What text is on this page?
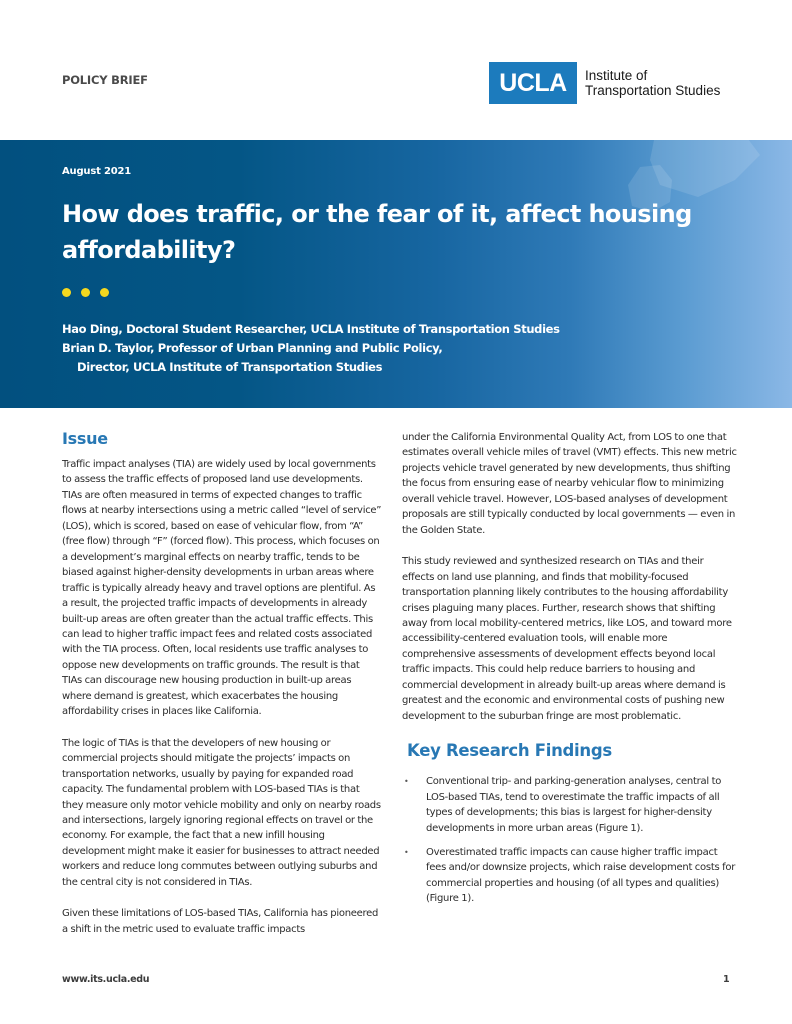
POLICY BRIEF	UCLA	Institute of
Transportation Studies
August 2021
How does traffic, or the fear of it, affect housing affordability?
Hao Ding, Doctoral Student Researcher, UCLA Institute of Transportation Studies
Brian D. Taylor, Professor of Urban Planning and Public Policy,
Director, UCLA Institute of Transportation Studies
Issue

Traffic impact analyses (TIA) are widely used by local governments to assess the traffic effects of proposed land use developments. TIAs are often measured in terms of expected changes to traffic flows at nearby intersections using a metric called “level of service” (LOS), which is scored, based on ease of vehicular flow, from “A” (free flow) through “F” (forced flow). This process, which focuses on a development’s marginal effects on nearby traffic, tends to be biased against higher-density developments in urban areas where traffic is typically already heavy and travel options are plentiful. As a result, the projected traffic impacts of developments in already built-up areas are often greater than the actual traffic effects. This can lead to higher traffic impact fees and related costs associated with the TIA process. Often, local residents use traffic analyses to oppose new developments on traffic grounds. The result is that TIAs can discourage new housing production in built-up areas where demand is greatest, which exacerbates the housing affordability crises in places like California.

The logic of TIAs is that the developers of new housing or commercial projects should mitigate the projects’ impacts on transportation networks, usually by paying for expanded road capacity. The fundamental problem with LOS-based TIAs is that they measure only motor vehicle mobility and only on nearby roads and intersections, largely ignoring regional effects on travel or the economy. For example, the fact that a new infill housing development might make it easier for businesses to attract needed workers and reduce long commutes between outlying suburbs and the central city is not considered in TIAs.

Given these limitations of LOS-based TIAs, California has pioneered a shift in the metric used to evaluate traffic impacts

under the California Environmental Quality Act, from LOS to one that estimates overall vehicle miles of travel (VMT) effects. This new metric projects vehicle travel generated by new developments, thus shifting the focus from ensuring ease of nearby vehicular flow to minimizing overall vehicle travel. However, LOS-based analyses of development proposals are still typically conducted by local governments — even in the Golden State.

This study reviewed and synthesized research on TIAs and their effects on land use planning, and finds that mobility-focused transportation planning likely contributes to the housing affordability crises plaguing many places. Further, research shows that shifting away from local mobility-centered metrics, like LOS, and toward more accessibility-centered evaluation tools, will enable more comprehensive assessments of development effects beyond local traffic impacts. This could help reduce barriers to housing and commercial development in already built-up areas where demand is greatest and the economic and environmental costs of pushing new development to the suburban fringe are most problematic.

Key Research Findings
• Conventional trip- and parking-generation analyses, central to LOS-based TIAs, tend to overestimate the traffic impacts of all types of developments; this bias is largest for higher-density developments in more urban areas (Figure 1).
• Overestimated traffic impacts can cause higher traffic impact fees and/or downsize projects, which raise development costs for commercial properties and housing (of all types and qualities) (Figure 1).
www.its.ucla.edu	1
